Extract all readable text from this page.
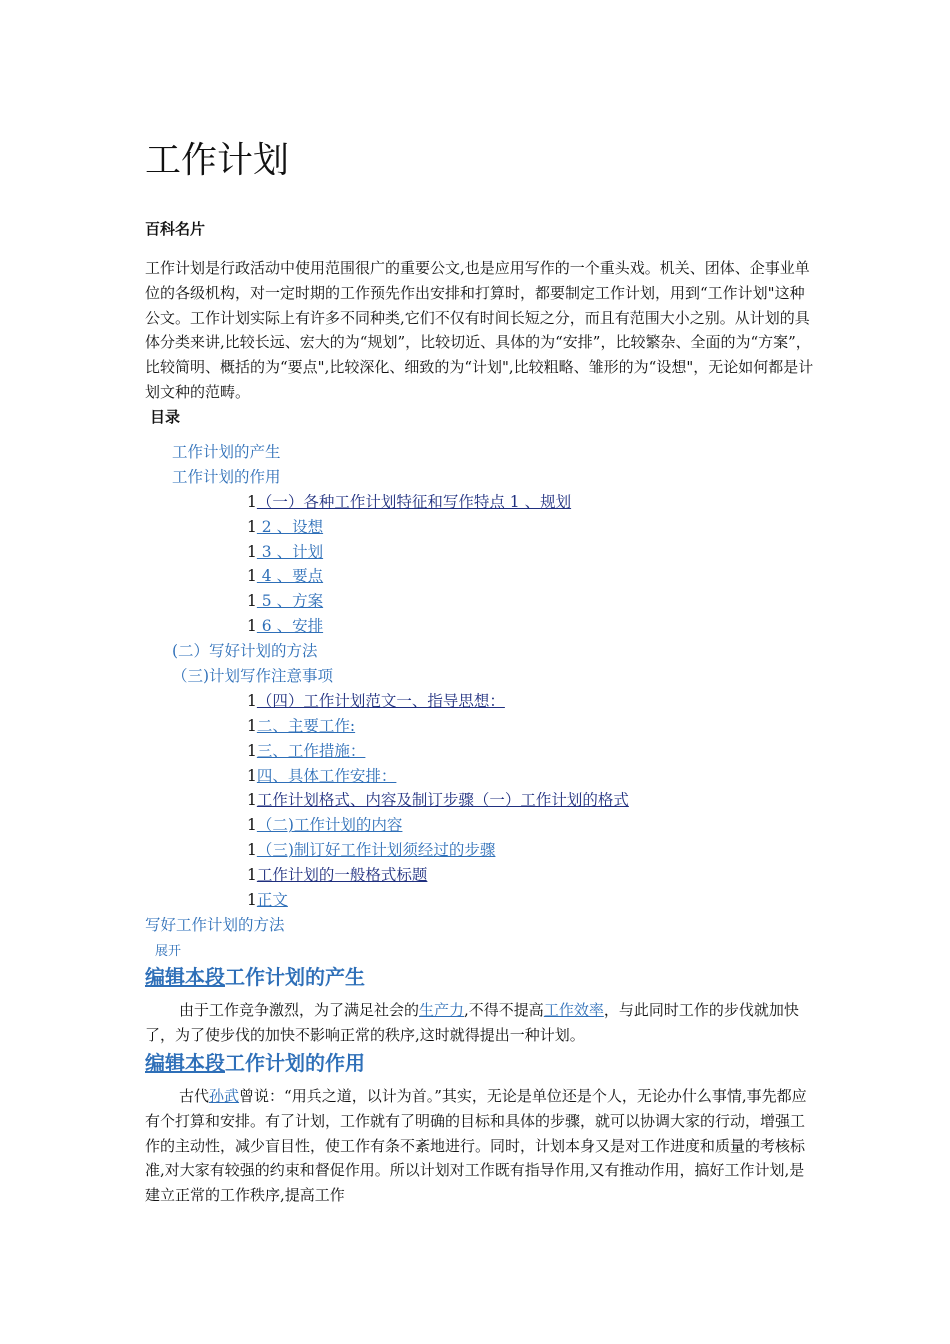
工作计划
百科名片

工作计划是行政活动中使用范围很广的重要公文,也是应用写作的一个重头戏。机关、团体、企事业单位的各级机构，对一定时期的工作预先作出安排和打算时，都要制定工作计划，用到“工作计划"这种公文。工作计划实际上有许多不同种类,它们不仅有时间长短之分，而且有范围大小之别。从计划的具体分类来讲,比较长远、宏大的为“规划”，比较切近、具体的为“安排”，比较繁杂、全面的为“方案”，比较简明、概括的为“要点",比较深化、细致的为“计划",比较粗略、雏形的为“设想"，无论如何都是计划文种的范畴。

目录
工作计划的产生
工作计划的作用
1（一）各种工作计划特征和写作特点 1 、规划
1 2 、设想
1 3 、计划
1 4 、要点
1 5 、方案
1 6 、安排
(二）写好计划的方法
（三)计划写作注意事项
1（四）工作计划范文一、指导思想：
1二、主要工作:
1三、工作措施：
1四、具体工作安排：
1工作计划格式、内容及制订步骤（一）工作计划的格式
1（二)工作计划的内容
1（三)制订好工作计划须经过的步骤
1工作计划的一般格式标题
1正文
写好工作计划的方法
展开
编辑本段工作计划的产生

由于工作竞争激烈，为了满足社会的生产力,不得不提高工作效率，与此同时工作的步伐就加快了，为了使步伐的加快不影响正常的秩序,这时就得提出一种计划。

编辑本段工作计划的作用

古代孙武曾说：“用兵之道，以计为首。”其实，无论是单位还是个人，无论办什么事情,事先都应有个打算和安排。有了计划，工作就有了明确的目标和具体的步骤，就可以协调大家的行动，增强工作的主动性，减少盲目性，使工作有条不紊地进行。同时，计划本身又是对工作进度和质量的考核标准,对大家有较强的约束和督促作用。所以计划对工作既有指导作用,又有推动作用，搞好工作计划,是建立正常的工作秩序,提高工作
